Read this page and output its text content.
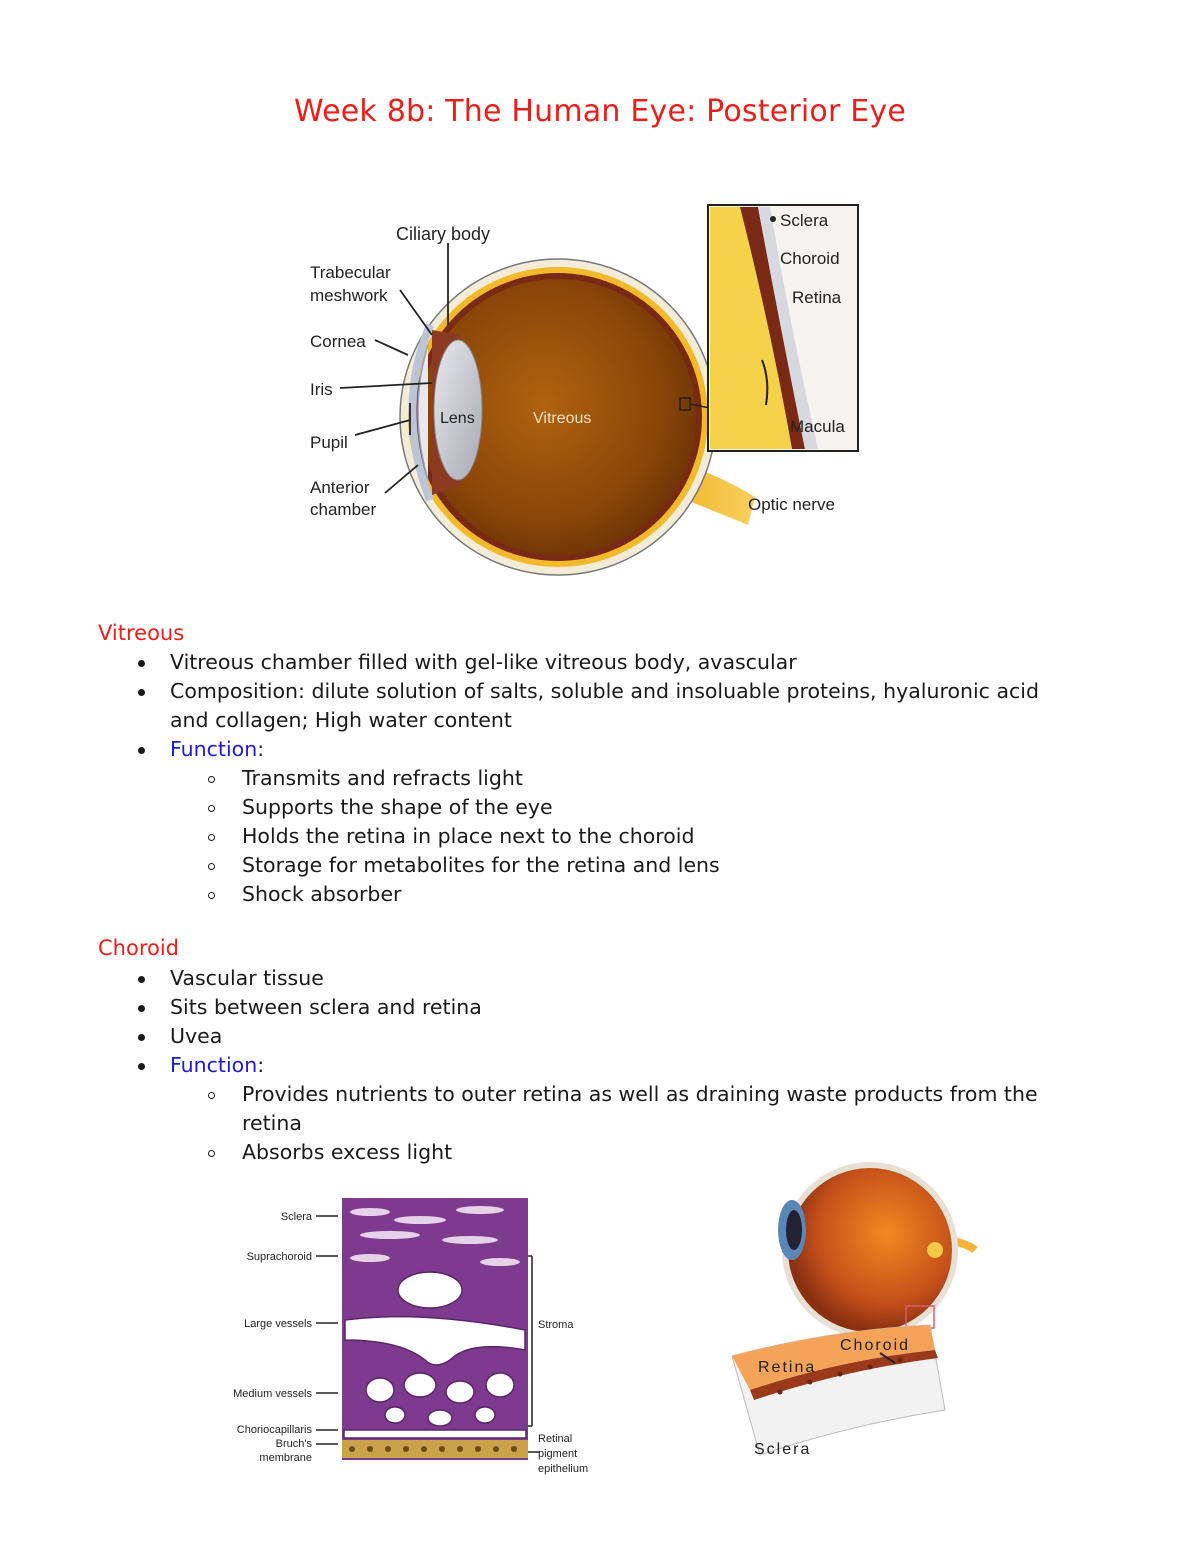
Week 8b: The Human Eye: Posterior Eye
Ciliary body
Trabecular
meshwork
Cornea
Iris
Pupil
Anterior
chamber
Lens	Vitreous
Optic nerve
Sclera
Choroid
Retina
Macula
Vitreous
Vitreous chamber filled with gel-like vitreous body, avascular
Composition: dilute solution of salts, soluble and insoluable proteins, hyaluronic acid and collagen; High water content
Function:
Transmits and refracts light
Supports the shape of the eye
Holds the retina in place next to the choroid
Storage for metabolites for the retina and lens
Shock absorber
Choroid
Vascular tissue
Sits between sclera and retina
Uvea
Function:
Provides nutrients to outer retina as well as draining waste products from the retina
Absorbs excess light
Sclera
Suprachoroid
Large vessels
Medium vessels
Choriocapillaris
Bruch's
membrane
Stroma
Retinal
pigment
epithelium
Choroid
Retina
Sclera
